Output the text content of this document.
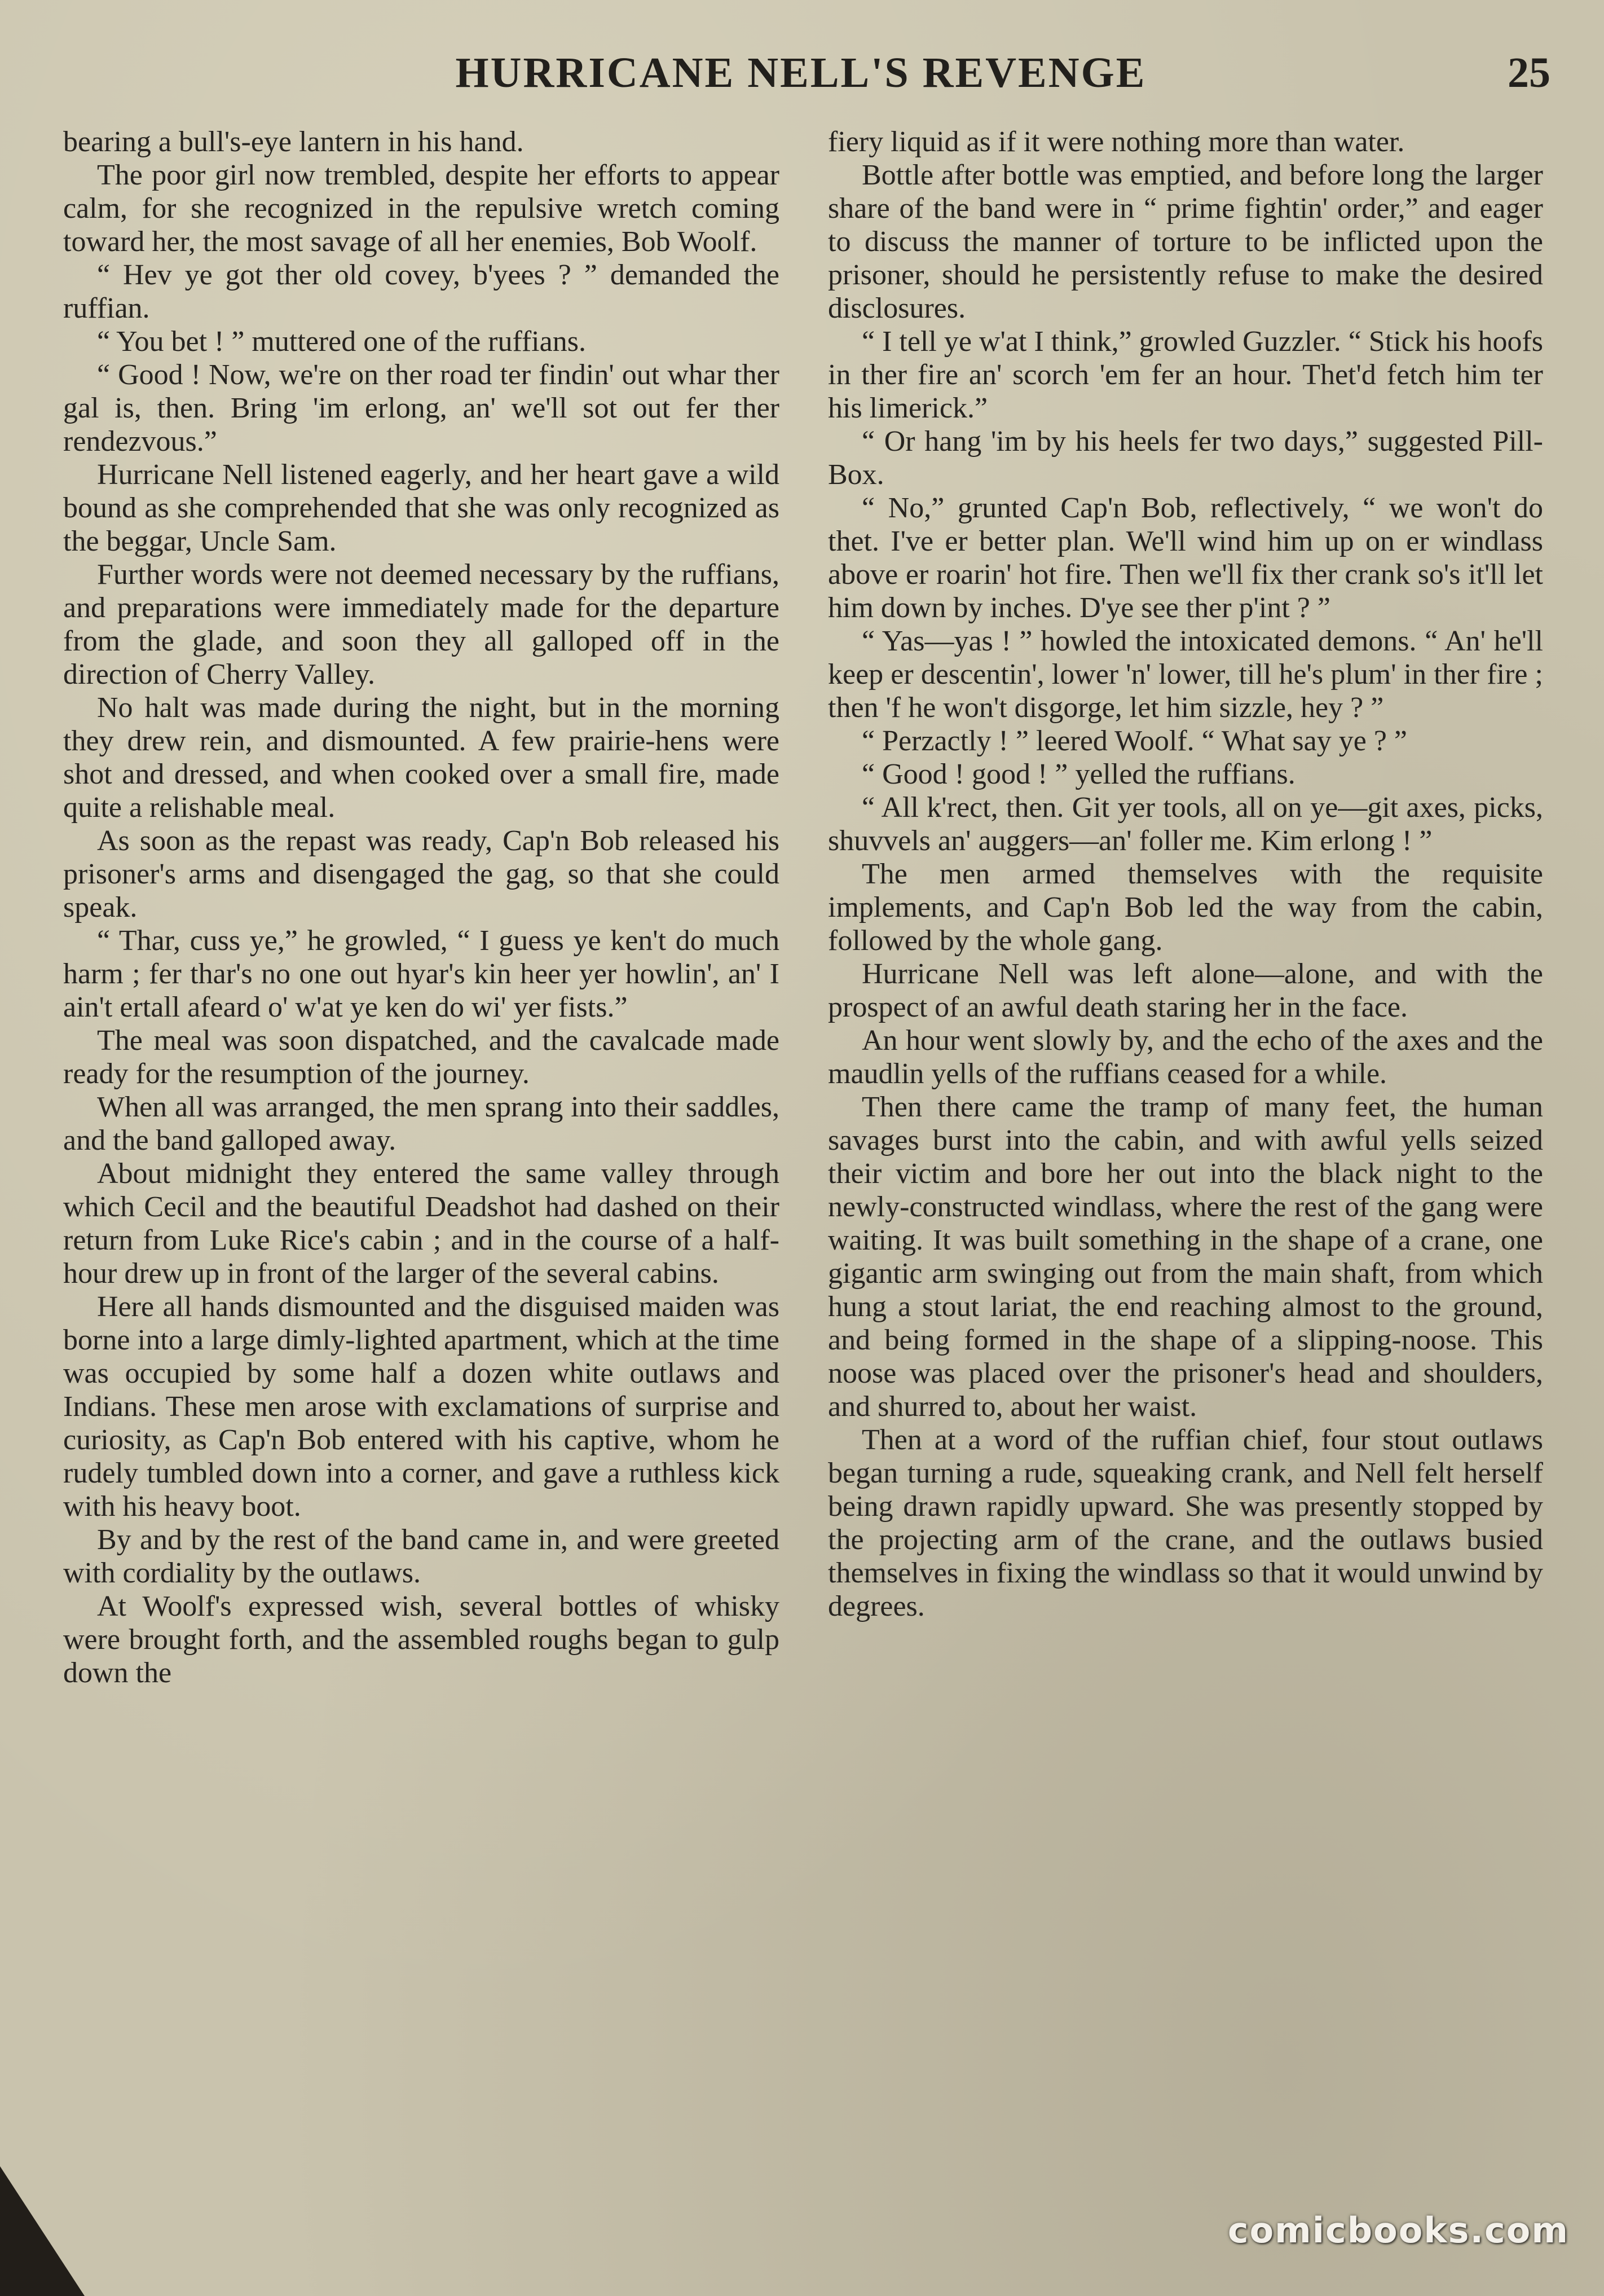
HURRICANE NELL'S REVENGE	25

bearing a bull's-eye lantern in his hand.

The poor girl now trembled, despite her efforts to appear calm, for she recognized in the repulsive wretch coming toward her, the most savage of all her enemies, Bob Woolf.

“ Hev ye got ther old covey, b'yees ? ” demanded the ruffian.

“ You bet ! ” muttered one of the ruffians.

“ Good ! Now, we're on ther road ter findin' out whar ther gal is, then. Bring 'im erlong, an' we'll sot out fer ther rendezvous.”

Hurricane Nell listened eagerly, and her heart gave a wild bound as she comprehended that she was only recognized as the beggar, Uncle Sam.

Further words were not deemed necessary by the ruffians, and preparations were immediately made for the departure from the glade, and soon they all galloped off in the direction of Cherry Valley.

No halt was made during the night, but in the morning they drew rein, and dismounted. A few prairie-hens were shot and dressed, and when cooked over a small fire, made quite a relishable meal.

As soon as the repast was ready, Cap'n Bob released his prisoner's arms and disengaged the gag, so that she could speak.

“ Thar, cuss ye,” he growled, “ I guess ye ken't do much harm ; fer thar's no one out hyar's kin heer yer howlin', an' I ain't ertall afeard o' w'at ye ken do wi' yer fists.”

The meal was soon dispatched, and the cavalcade made ready for the resumption of the journey.

When all was arranged, the men sprang into their saddles, and the band galloped away.

About midnight they entered the same valley through which Cecil and the beautiful Deadshot had dashed on their return from Luke Rice's cabin ; and in the course of a half-hour drew up in front of the larger of the several cabins.

Here all hands dismounted and the disguised maiden was borne into a large dimly-lighted apartment, which at the time was occupied by some half a dozen white outlaws and Indians. These men arose with exclamations of surprise and curiosity, as Cap'n Bob entered with his captive, whom he rudely tumbled down into a corner, and gave a ruthless kick with his heavy boot.

By and by the rest of the band came in, and were greeted with cordiality by the outlaws.

At Woolf's expressed wish, several bottles of whisky were brought forth, and the assembled roughs began to gulp down the

fiery liquid as if it were nothing more than water.

Bottle after bottle was emptied, and before long the larger share of the band were in “ prime fightin' order,” and eager to discuss the manner of torture to be inflicted upon the prisoner, should he persistently refuse to make the desired disclosures.

“ I tell ye w'at I think,” growled Guzzler. “ Stick his hoofs in ther fire an' scorch 'em fer an hour. Thet'd fetch him ter his limerick.”

“ Or hang 'im by his heels fer two days,” suggested Pill-Box.

“ No,” grunted Cap'n Bob, reflectively, “ we won't do thet. I've er better plan. We'll wind him up on er windlass above er roarin' hot fire. Then we'll fix ther crank so's it'll let him down by inches. D'ye see ther p'int ? ”

“ Yas—yas ! ” howled the intoxicated demons. “ An' he'll keep er descentin', lower 'n' lower, till he's plum' in ther fire ; then 'f he won't disgorge, let him sizzle, hey ? ”

“ Perzactly ! ” leered Woolf. “ What say ye ? ”

“ Good ! good ! ” yelled the ruffians.

“ All k'rect, then. Git yer tools, all on ye—git axes, picks, shuvvels an' auggers—an' foller me. Kim erlong ! ”

The men armed themselves with the requisite implements, and Cap'n Bob led the way from the cabin, followed by the whole gang.

Hurricane Nell was left alone—alone, and with the prospect of an awful death staring her in the face.

An hour went slowly by, and the echo of the axes and the maudlin yells of the ruffians ceased for a while.

Then there came the tramp of many feet, the human savages burst into the cabin, and with awful yells seized their victim and bore her out into the black night to the newly-constructed windlass, where the rest of the gang were waiting. It was built something in the shape of a crane, one gigantic arm swinging out from the main shaft, from which hung a stout lariat, the end reaching almost to the ground, and being formed in the shape of a slipping-noose. This noose was placed over the prisoner's head and shoulders, and shurred to, about her waist.

Then at a word of the ruffian chief, four stout outlaws began turning a rude, squeaking crank, and Nell felt herself being drawn rapidly upward. She was presently stopped by the projecting arm of the crane, and the outlaws busied themselves in fixing the windlass so that it would unwind by degrees.

comicbooks.com
